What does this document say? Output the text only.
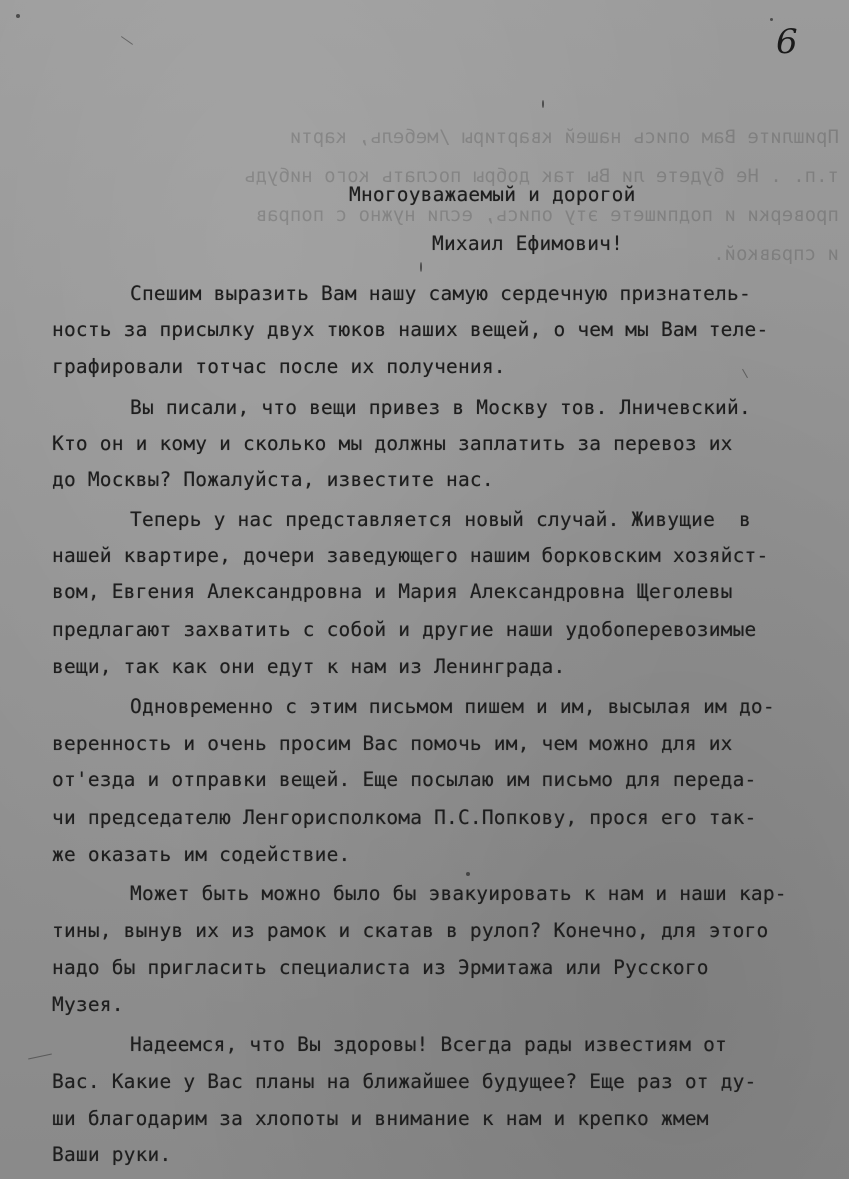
Пришлите Вам опись нашей квартиры /мебель, карти
т.п. . Не будете ли Вы так добры послать кого нибудь
проверки и подпишете эту опись, если нужно с поправ
и справкой.
6
Многоуважаемый и дорогой
Михаил Ефимович!
Спешим выразить Вам нашу самую сердечную признатель-
ность за присылку двух тюков наших вещей, о чем мы Вам теле-
графировали тотчас после их получения.
Вы писали, что вещи привез в Москву тов. Лничевский.
Кто он и кому и сколько мы должны заплатить за перевоз их
до Москвы? Пожалуйста, известите нас.
Теперь у нас представляется новый случай. Живущие  в
нашей квартире, дочери заведующего нашим борковским хозяйст-
вом, Евгения Александровна и Мария Александровна Щеголевы
предлагают захватить с собой и другие наши удобоперевозимые
вещи, так как они едут к нам из Ленинграда.
Одновременно с этим письмом пишем и им, высылая им до-
веренность и очень просим Вас помочь им, чем можно для их
от'езда и отправки вещей. Еще посылаю им письмо для переда-
чи председателю Ленгорисполкома П.С.Попкову, прося его так-
же оказать им содействие.
Может быть можно было бы эвакуировать к нам и наши кар-
тины, вынув их из рамок и скатав в рулоп? Конечно, для этого
надо бы пригласить специалиста из Эрмитажа или Русского
Музея.
Надеемся, что Вы здоровы! Всегда рады известиям от
Вас. Какие у Вас планы на ближайшее будущее? Еще раз от ду-
ши благодарим за хлопоты и внимание к нам и крепко жмем
Ваши руки.
